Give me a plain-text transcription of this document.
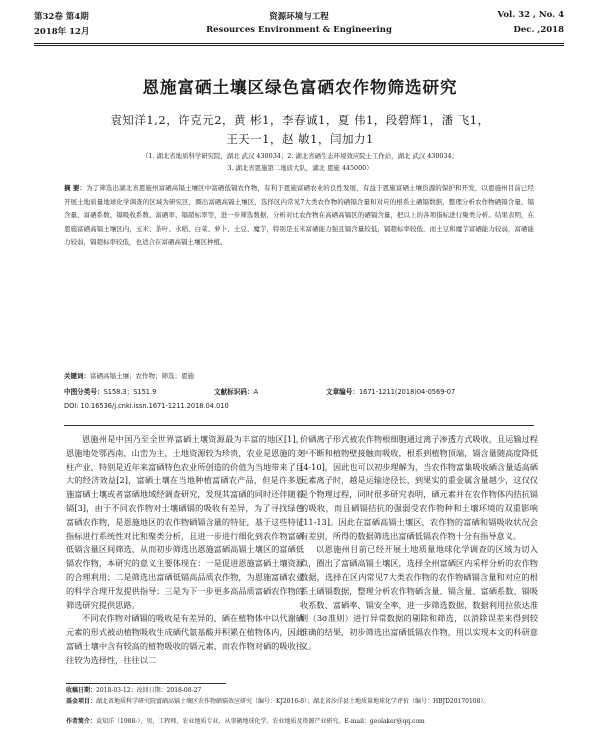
第32卷 第4期	资源环境与工程	Vol. 32 , No. 4
2018年 12月	Resources Environment & Engineering	Dec. ,2018
恩施富硒土壤区绿色富硒农作物筛选研究
袁知洋1,2，许克元2，黄 彬1，李春诚1，夏 伟1，段碧辉1，潘 飞1，
王天一1，赵 敏1，闫加力1
（1. 湖北省地质科学研究院，湖北 武汉 430034；2. 湖北省硒生态环境效应院士工作站，湖北 武汉 430034；
3. 湖北省恩施第二地质大队，湖北 恩施 445000）
摘 要：为了筛选出湖北省恩施州富硒高镉土壤区中富硒低镉农作物，有利于恩施富硒农业的良性发展，有益于恩施富硒土壤资源的保护和开发，以恩施州目前已经开展土地质量地球化学调查的区域为研究区，圈出富硒高镉土壤区，选择区内常见7大类农作物的硒镉含量和对应的根系土硒镉数据，整理分析农作物硒镉含量、镉含量、富硒系数、镉吸收系数、富硒率、镉超标率等，进一步筛选数据，分析对比农作物在高硒高镉区的硒镉含量，把以上的各项指标进行聚类分析。结果表明，在恩施富硒高镉土壤区内，玉米、茶叶、水稻、白菜、萝卜、土豆、魔芋，特别是玉米富硒能力强且镉含量较低，镉超标率较低，而土豆和魔芋富硒能力较弱，富硒能力较弱，镉超标率较低，也适合在富硒高镉土壤区种植。
关键词：富硒高镉土壤；农作物；筛选；恩施
中图分类号：S158.3；S151.9	文献标识码：A	文章编号：1671-1211(2018)04-0569-07
DOI: 10.16536/j.cnki.issn.1671-1211.2018.04.010

恩施州是中国乃至全世界富硒土壤资源最为丰富的地区[1]，恩施地处鄂西南，山峦为主，土地资源较为珍贵，农业是恩施的支柱产业，特别是近年来富硒特色农业所创造的价值为当地带来了巨大的经济效益[2]，富硒土壤在当地种植富硒农产品，但是许多恩施富硒土壤或者富硒地域经调查研究，发现其富硒的同时还伴随着镉[3]，由于不同农作物对土壤硒镉的吸收有差异，为了寻找绿色富硒农作物，是恩施地区的农作物硒镉含量的特征，基于这些特征指标进行系统性对比和聚类分析，且进一步进行细化到农作物富硒低镉含量区间筛选，从而初步筛选出恩施富硒高镉土壤区的富硒低镉农作物，本研究的意义主要体现在：一是促进恩施富硒土壤资源的合理利用；二是筛选出富硒低镉高品质农作物，为恩施富硒农业的科学合理开发提供指导；三是为下一步更多高品质富硒农作物的筛选研究提供思路。

不同农作物对硒镉的吸收是有差异的，硒在植物体中以代谢硒元素的形式被动植物吸收生成硒代氨基酸并积累在植物体内，因此富硒土壤中含有较高的植物吸收的镉元素，而农作物对硒的吸收往往较为选择性，往往以二

价硒离子形式被农作物根细胞通过离子渗透方式吸收，且运输过程中不断和植物壁接触而吸收，根系到植物顶端，镉含量随高度降低[4-10]，因此也可以初步理解为，当农作物富集吸收硒含量适高硒元素离子时，越是运输途径长，到果实的重金属含量越少，这仅仅是个物理过程，同时很多研究表明，硒元素并在农作物体内拮抗镉的吸收，而且硒镉拮抗的强弱受农作物种和土壤环境的双重影响[11-13]。因此在富硒高镉土壤区，农作物的富硒和镉吸收状况会有差别，所得的数据筛选出富硒低镉农作物十分有指导意义。

以恩施州目前已经开展土地质量地球化学调查的区域为切入点，圈出了富硒高镉土壤区，选择全州富硒区内采样分析的农作物数据，选择在区内常见7大类农作物的农作物硒镉含量和对应的根系土硒镉数据，整理分析农作物硒含量、镉含量、富硒系数、镉吸收系数、富硒率、镉安全率，进一步筛选数据，数据利用拉依达准则（3σ准则）进行异常数据的剔除和筛选，以消除误差来得到较准确的结果，初步筛选出富硒低镉农作物，用以实现本文的科研意义。

收稿日期：2018-03-12；改回日期：2018-08-27
基金项目：湖北省地质科学研究院富硒高镉土壤区农作物硒镉效应研究（编号：KJ2016-8）；湖北省沙洋县土地质量地球化学评价（编号：HBJD20170108）。
作者简介：袁知洋（1988-），男，工程师，农业地质专业，从事硒地球化学、农业地质及资源产业研究。E-mail：geolaker@qq.com
